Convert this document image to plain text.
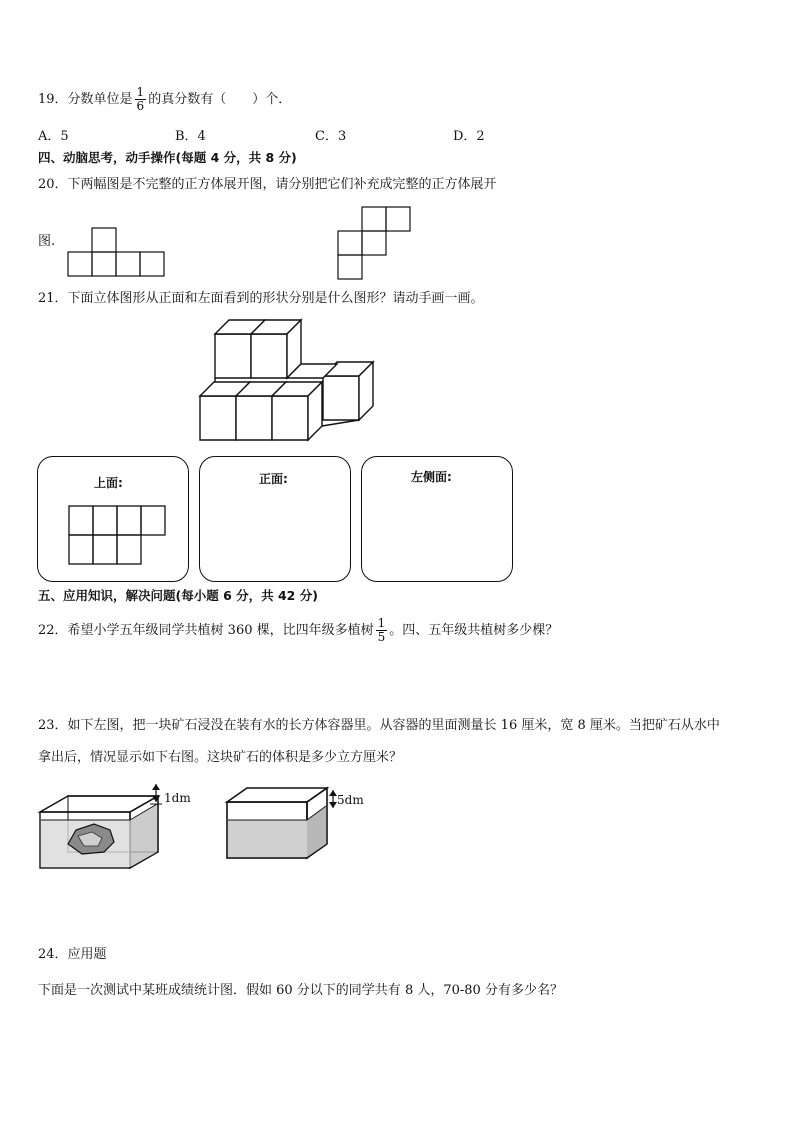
19．分数单位是 $\frac{1}{6}$ 的真分数有（　　）个．
A．5	B．4	C．3	D．2
四、动脑思考，动手操作(每题 4 分，共 8 分)
20．下两幅图是不完整的正方体展开图，请分别把它们补充成完整的正方体展开
图.
21．下面立体图形从正面和左面看到的形状分别是什么图形？请动手画一画。
上面:	正面:	左侧面:
五、应用知识，解决问题(每小题 6 分，共 42 分)
22．希望小学五年级同学共植树 360 棵，比四年级多植树 $\frac{1}{5}$ 。四、五年级共植树多少棵？
23．如下左图，把一块矿石浸没在装有水的长方体容器里。从容器的里面测量长 16 厘米，宽 8 厘米。当把矿石从水中
拿出后，情况显示如下右图。这块矿石的体积是多少立方厘米？
1dm	5dm
24．应用题
下面是一次测试中某班成绩统计图．假如 60 分以下的同学共有 8 人，70-80 分有多少名？
